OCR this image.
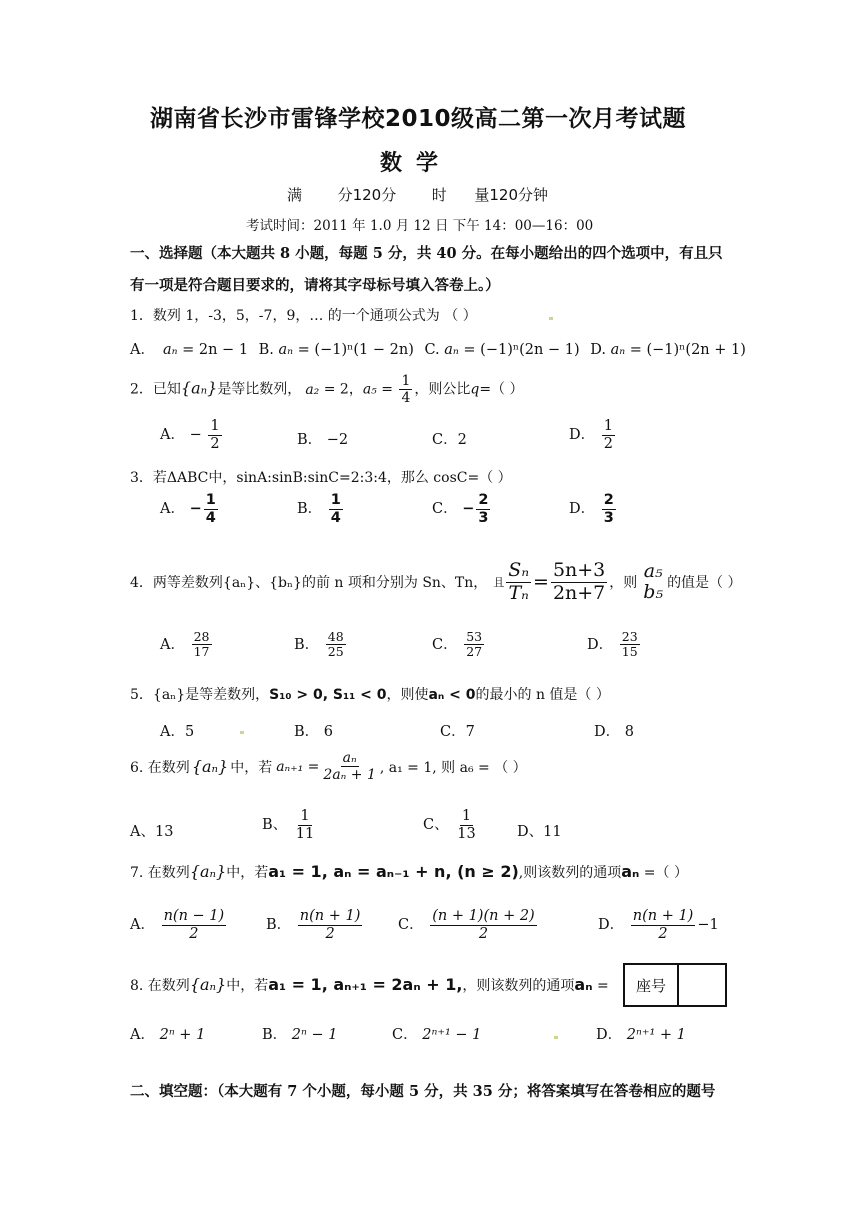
湖南省长沙市雷锋学校2010级高二第一次月考试题
数学
满 分120分 时 量120分钟
考试时间：2011 年 1.0 月 12 日 下午 14：00—16：00
一、选择题（本大题共 8 小题，每题 5 分，共 40 分。在每小题给出的四个选项中，有且只
有一项是符合题目要求的，请将其字母标号填入答卷上。）
1．数列 1，-3，5，-7，9，… 的一个通项公式为 （ ）
A． aₙ = 2n − 1 B. aₙ = (−1)ⁿ(1 − 2n) C. aₙ = (−1)ⁿ(2n − 1) D. aₙ = (−1)ⁿ(2n + 1)
2．已知{aₙ}是等比数列， a₂ = 2，$a_5 = \frac{1}{4}$ ，则公比q=（ ）
A． − $\frac{1}{2}$	B． −2	C．2	D． $\frac{1}{2}$
3．若ΔABC中，sinA:sinB:sinC=2:3:4，那么 cosC=（ ）
A． − $\frac{1}{4}$	B． $\frac{1}{4}$	C． − $\frac{2}{3}$	D． $\frac{2}{3}$
4．两等差数列{aₙ}、{bₙ}的前 n 项和分别为 Sn、Tn， 且 $\frac{\text{Sₙ}}{\text{Tₙ}} = \frac{5n+3}{2n+7}$ ，则
a₅
b₅ 的值是（ ）
A． $\frac{28}{17}$	B． $\frac{48}{25}$	C． $\frac{53}{27}$	D． $\frac{23}{15}$
5．{aₙ}是等差数列，S₁₀ > 0, S₁₁ < 0，则使aₙ < 0的最小的 n 值是（ ）
A．5	B． 6	C．7	D． 8
6. 在数列 {aₙ} 中，若 $a_{n+1} = \frac{\text{aₙ}}{\text{2aₙ + 1}}$ , a₁ = 1, 则 a₆ = （ ）
A、13	B、 $\frac{1}{11}$	C、 $\frac{1}{13}$	D、11
7. 在数列{aₙ}中，若a₁ = 1, aₙ = aₙ₋₁ + n, (n ≥ 2),则该数列的通项aₙ =（ ）
A． $\frac{n(n - 1)}{2}$	B． $\frac{n(n + 1)}{2}$ C． $\frac{(n + 1)(n + 2)}{2}$	D． $\frac{n(n + 1)}{2} -1$
8. 在数列{aₙ}中，若a₁ = 1, aₙ₊₁ = 2aₙ + 1,，则该数列的通项aₙ =	座号
A． 2ⁿ + 1	B． 2ⁿ − 1	C． 2ⁿ⁺¹ − 1	D． 2ⁿ⁺¹ + 1
二、填空题：（本大题有 7 个小题，每小题 5 分，共 35 分；将答案填写在答卷相应的题号
